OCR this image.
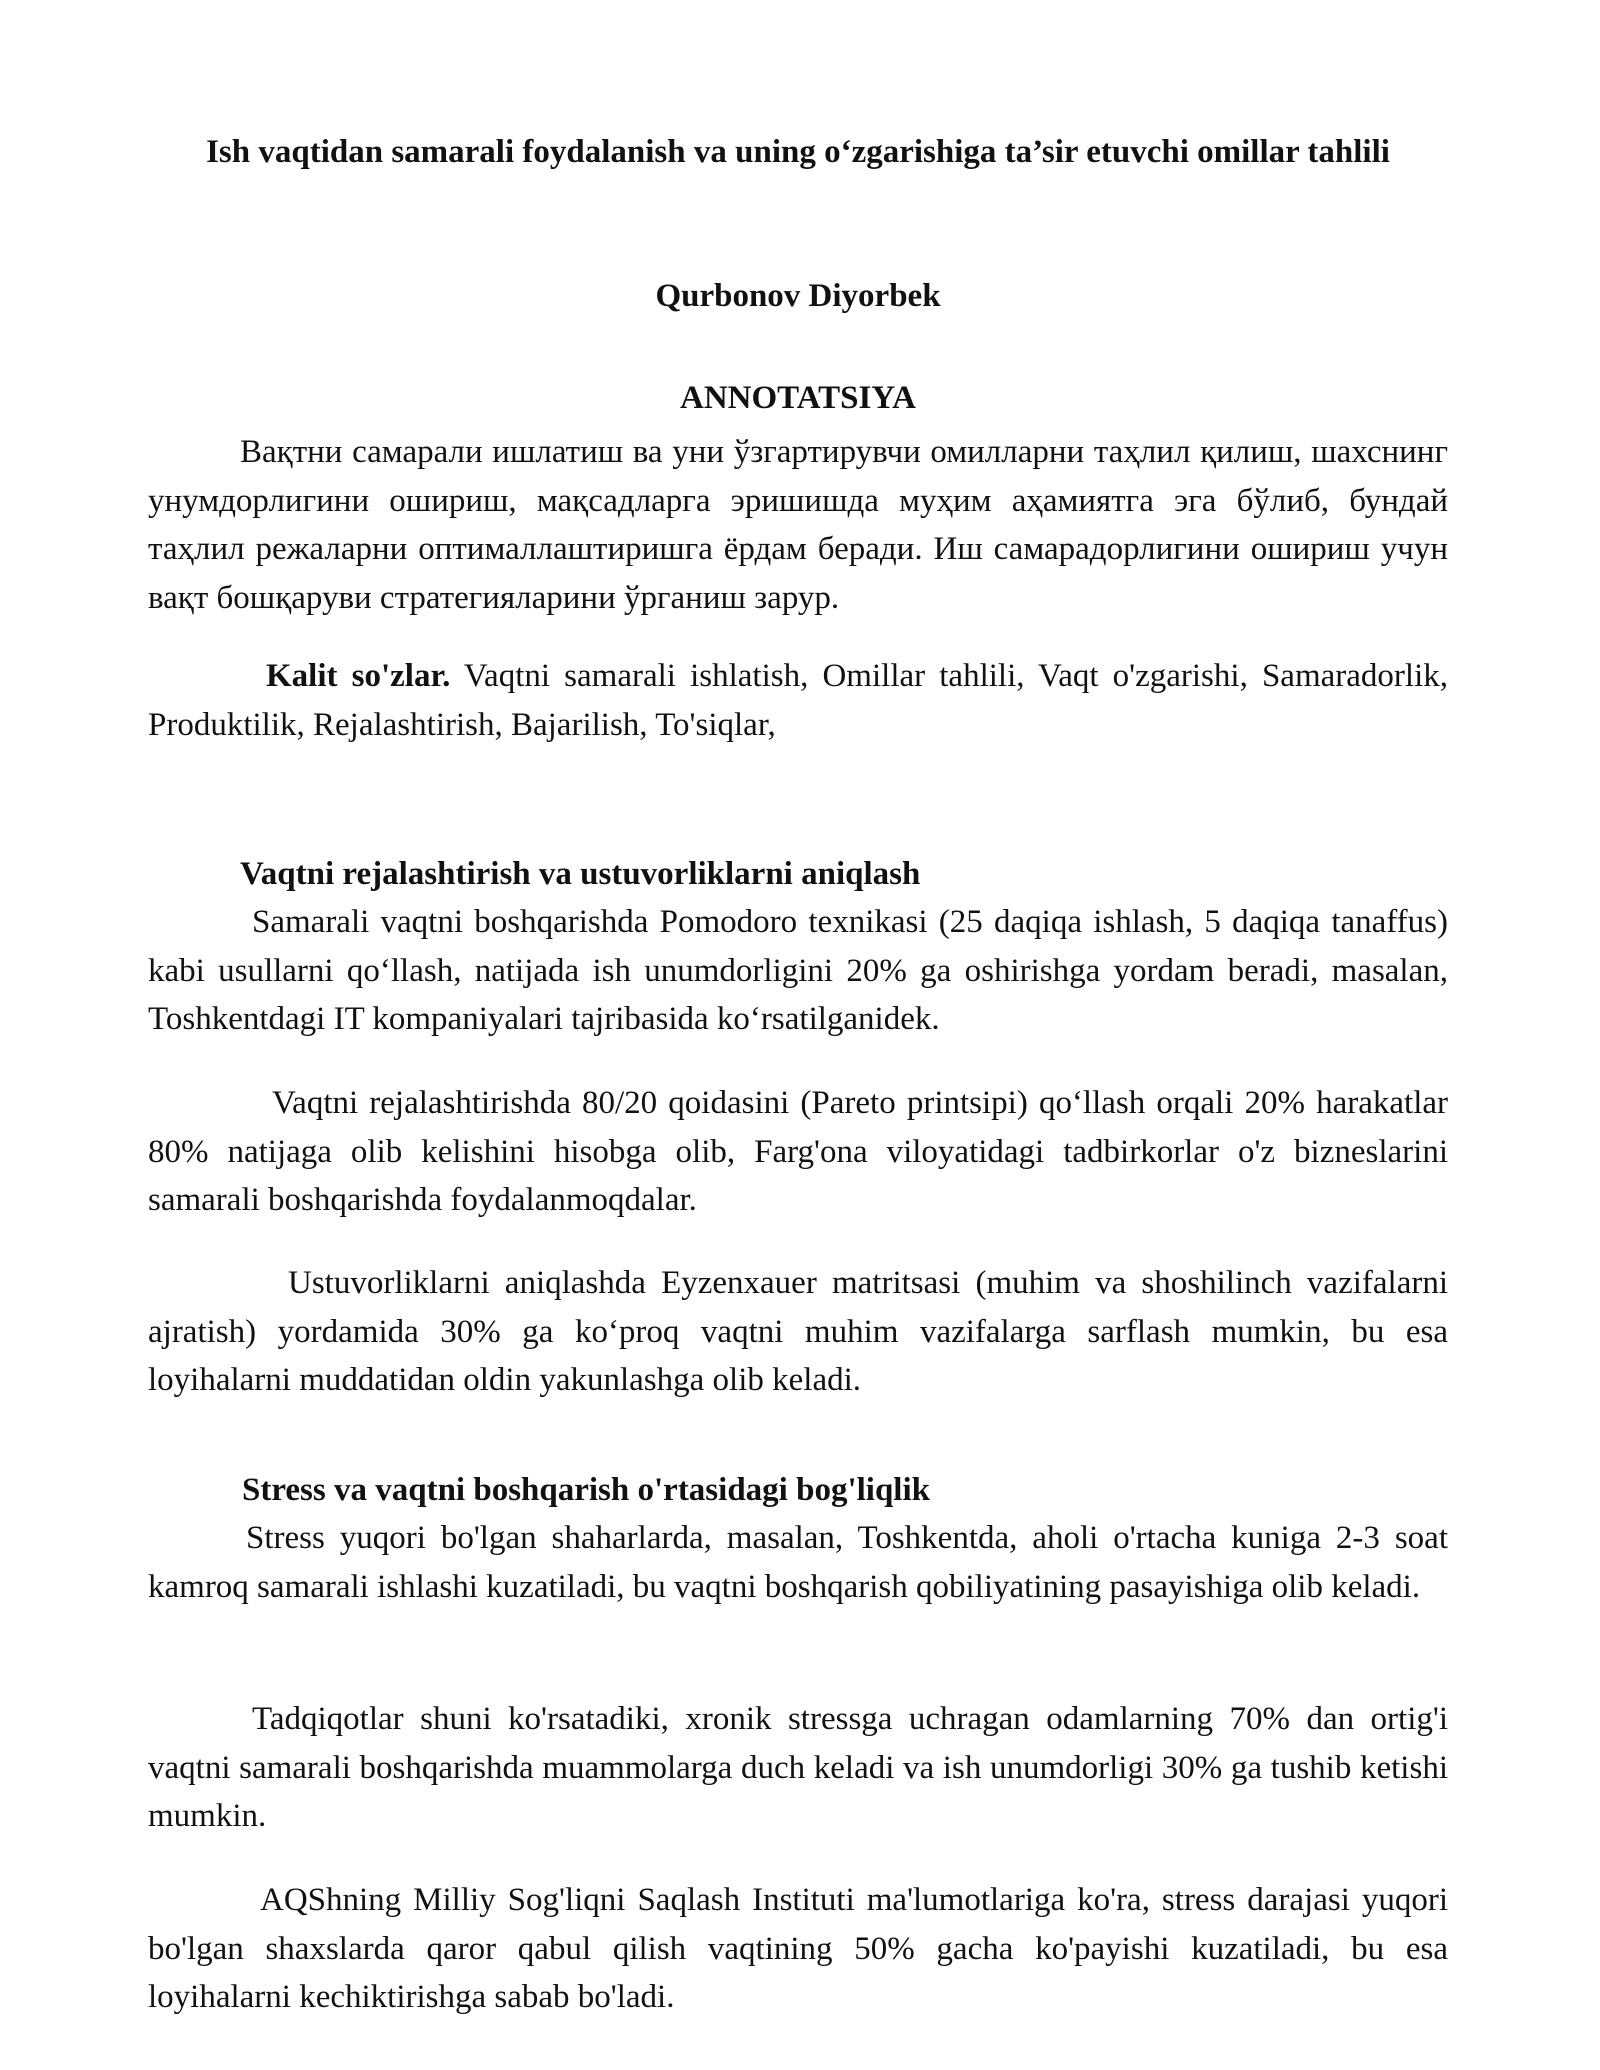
Ish vaqtidan samarali foydalanish va uning o‘zgarishiga ta’sir etuvchi omillar tahlili
Qurbonov Diyorbek
ANNOTATSIYA

Вақтни самарали ишлатиш ва уни ўзгартирувчи омилларни таҳлил қилиш, шахснинг унумдорлигини ошириш, мақсадларга эришишда муҳим аҳамиятга эга бўлиб, бундай таҳлил режаларни оптималлаштиришга ёрдам беради. Иш самарадорлигини ошириш учун вақт бошқаруви стратегияларини ўрганиш зарур.

Kalit so'zlar. Vaqtni samarali ishlatish, Omillar tahlili, Vaqt o'zgarishi, Samaradorlik, Produktilik, Rejalashtirish, Bajarilish, To'siqlar,

Vaqtni rejalashtirish va ustuvorliklarni aniqlash

Samarali vaqtni boshqarishda Pomodoro texnikasi (25 daqiqa ishlash, 5 daqiqa tanaffus) kabi usullarni qo‘llash, natijada ish unumdorligini 20% ga oshirishga yordam beradi, masalan, Toshkentdagi IT kompaniyalari tajribasida ko‘rsatilganidek.

Vaqtni rejalashtirishda 80/20 qoidasini (Pareto printsipi) qo‘llash orqali 20% harakatlar 80% natijaga olib kelishini hisobga olib, Farg'ona viloyatidagi tadbirkorlar o'z bizneslarini samarali boshqarishda foydalanmoqdalar.

Ustuvorliklarni aniqlashda Eyzenxauer matritsasi (muhim va shoshilinch vazifalarni ajratish) yordamida 30% ga ko‘proq vaqtni muhim vazifalarga sarflash mumkin, bu esa loyihalarni muddatidan oldin yakunlashga olib keladi.

Stress va vaqtni boshqarish o'rtasidagi bog'liqlik

Stress yuqori bo'lgan shaharlarda, masalan, Toshkentda, aholi o'rtacha kuniga 2-3 soat kamroq samarali ishlashi kuzatiladi, bu vaqtni boshqarish qobiliyatining pasayishiga olib keladi.

Tadqiqotlar shuni ko'rsatadiki, xronik stressga uchragan odamlarning 70% dan ortig'i vaqtni samarali boshqarishda muammolarga duch keladi va ish unumdorligi 30% ga tushib ketishi mumkin.

AQShning Milliy Sog'liqni Saqlash Instituti ma'lumotlariga ko'ra, stress darajasi yuqori bo'lgan shaxslarda qaror qabul qilish vaqtining 50% gacha ko'payishi kuzatiladi, bu esa loyihalarni kechiktirishga sabab bo'ladi.
